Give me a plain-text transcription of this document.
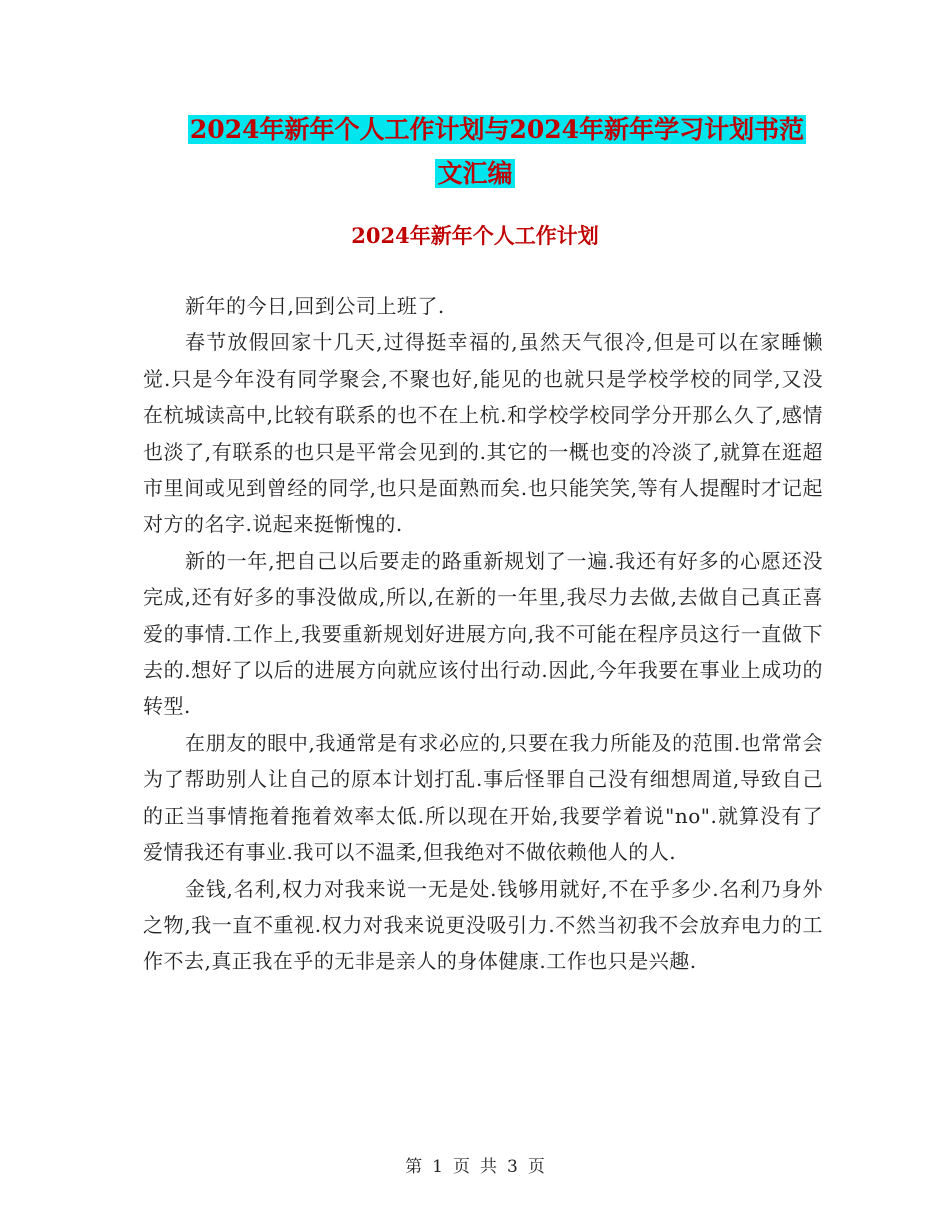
2024年新年个人工作计划与2024年新年学习计划书范
文汇编
2024年新年个人工作计划

新年的今日,回到公司上班了.

春节放假回家十几天,过得挺幸福的,虽然天气很冷,但是可以在家睡懒觉.只是今年没有同学聚会,不聚也好,能见的也就只是学校学校的同学,又没在杭城读高中,比较有联系的也不在上杭.和学校学校同学分开那么久了,感情也淡了,有联系的也只是平常会见到的.其它的一概也变的冷淡了,就算在逛超市里间或见到曾经的同学,也只是面熟而矣.也只能笑笑,等有人提醒时才记起对方的名字.说起来挺惭愧的.

新的一年,把自己以后要走的路重新规划了一遍.我还有好多的心愿还没完成,还有好多的事没做成,所以,在新的一年里,我尽力去做,去做自己真正喜爱的事情.工作上,我要重新规划好进展方向,我不可能在程序员这行一直做下去的.想好了以后的进展方向就应该付出行动.因此,今年我要在事业上成功的转型.

在朋友的眼中,我通常是有求必应的,只要在我力所能及的范围.也常常会为了帮助别人让自己的原本计划打乱.事后怪罪自己没有细想周道,导致自己的正当事情拖着拖着效率太低.所以现在开始,我要学着说"no".就算没有了爱情我还有事业.我可以不温柔,但我绝对不做依赖他人的人.

金钱,名利,权力对我来说一无是处.钱够用就好,不在乎多少.名利乃身外之物,我一直不重视.权力对我来说更没吸引力.不然当初我不会放弃电力的工作不去,真正我在乎的无非是亲人的身体健康.工作也只是兴趣.

第 1 页 共 3 页
